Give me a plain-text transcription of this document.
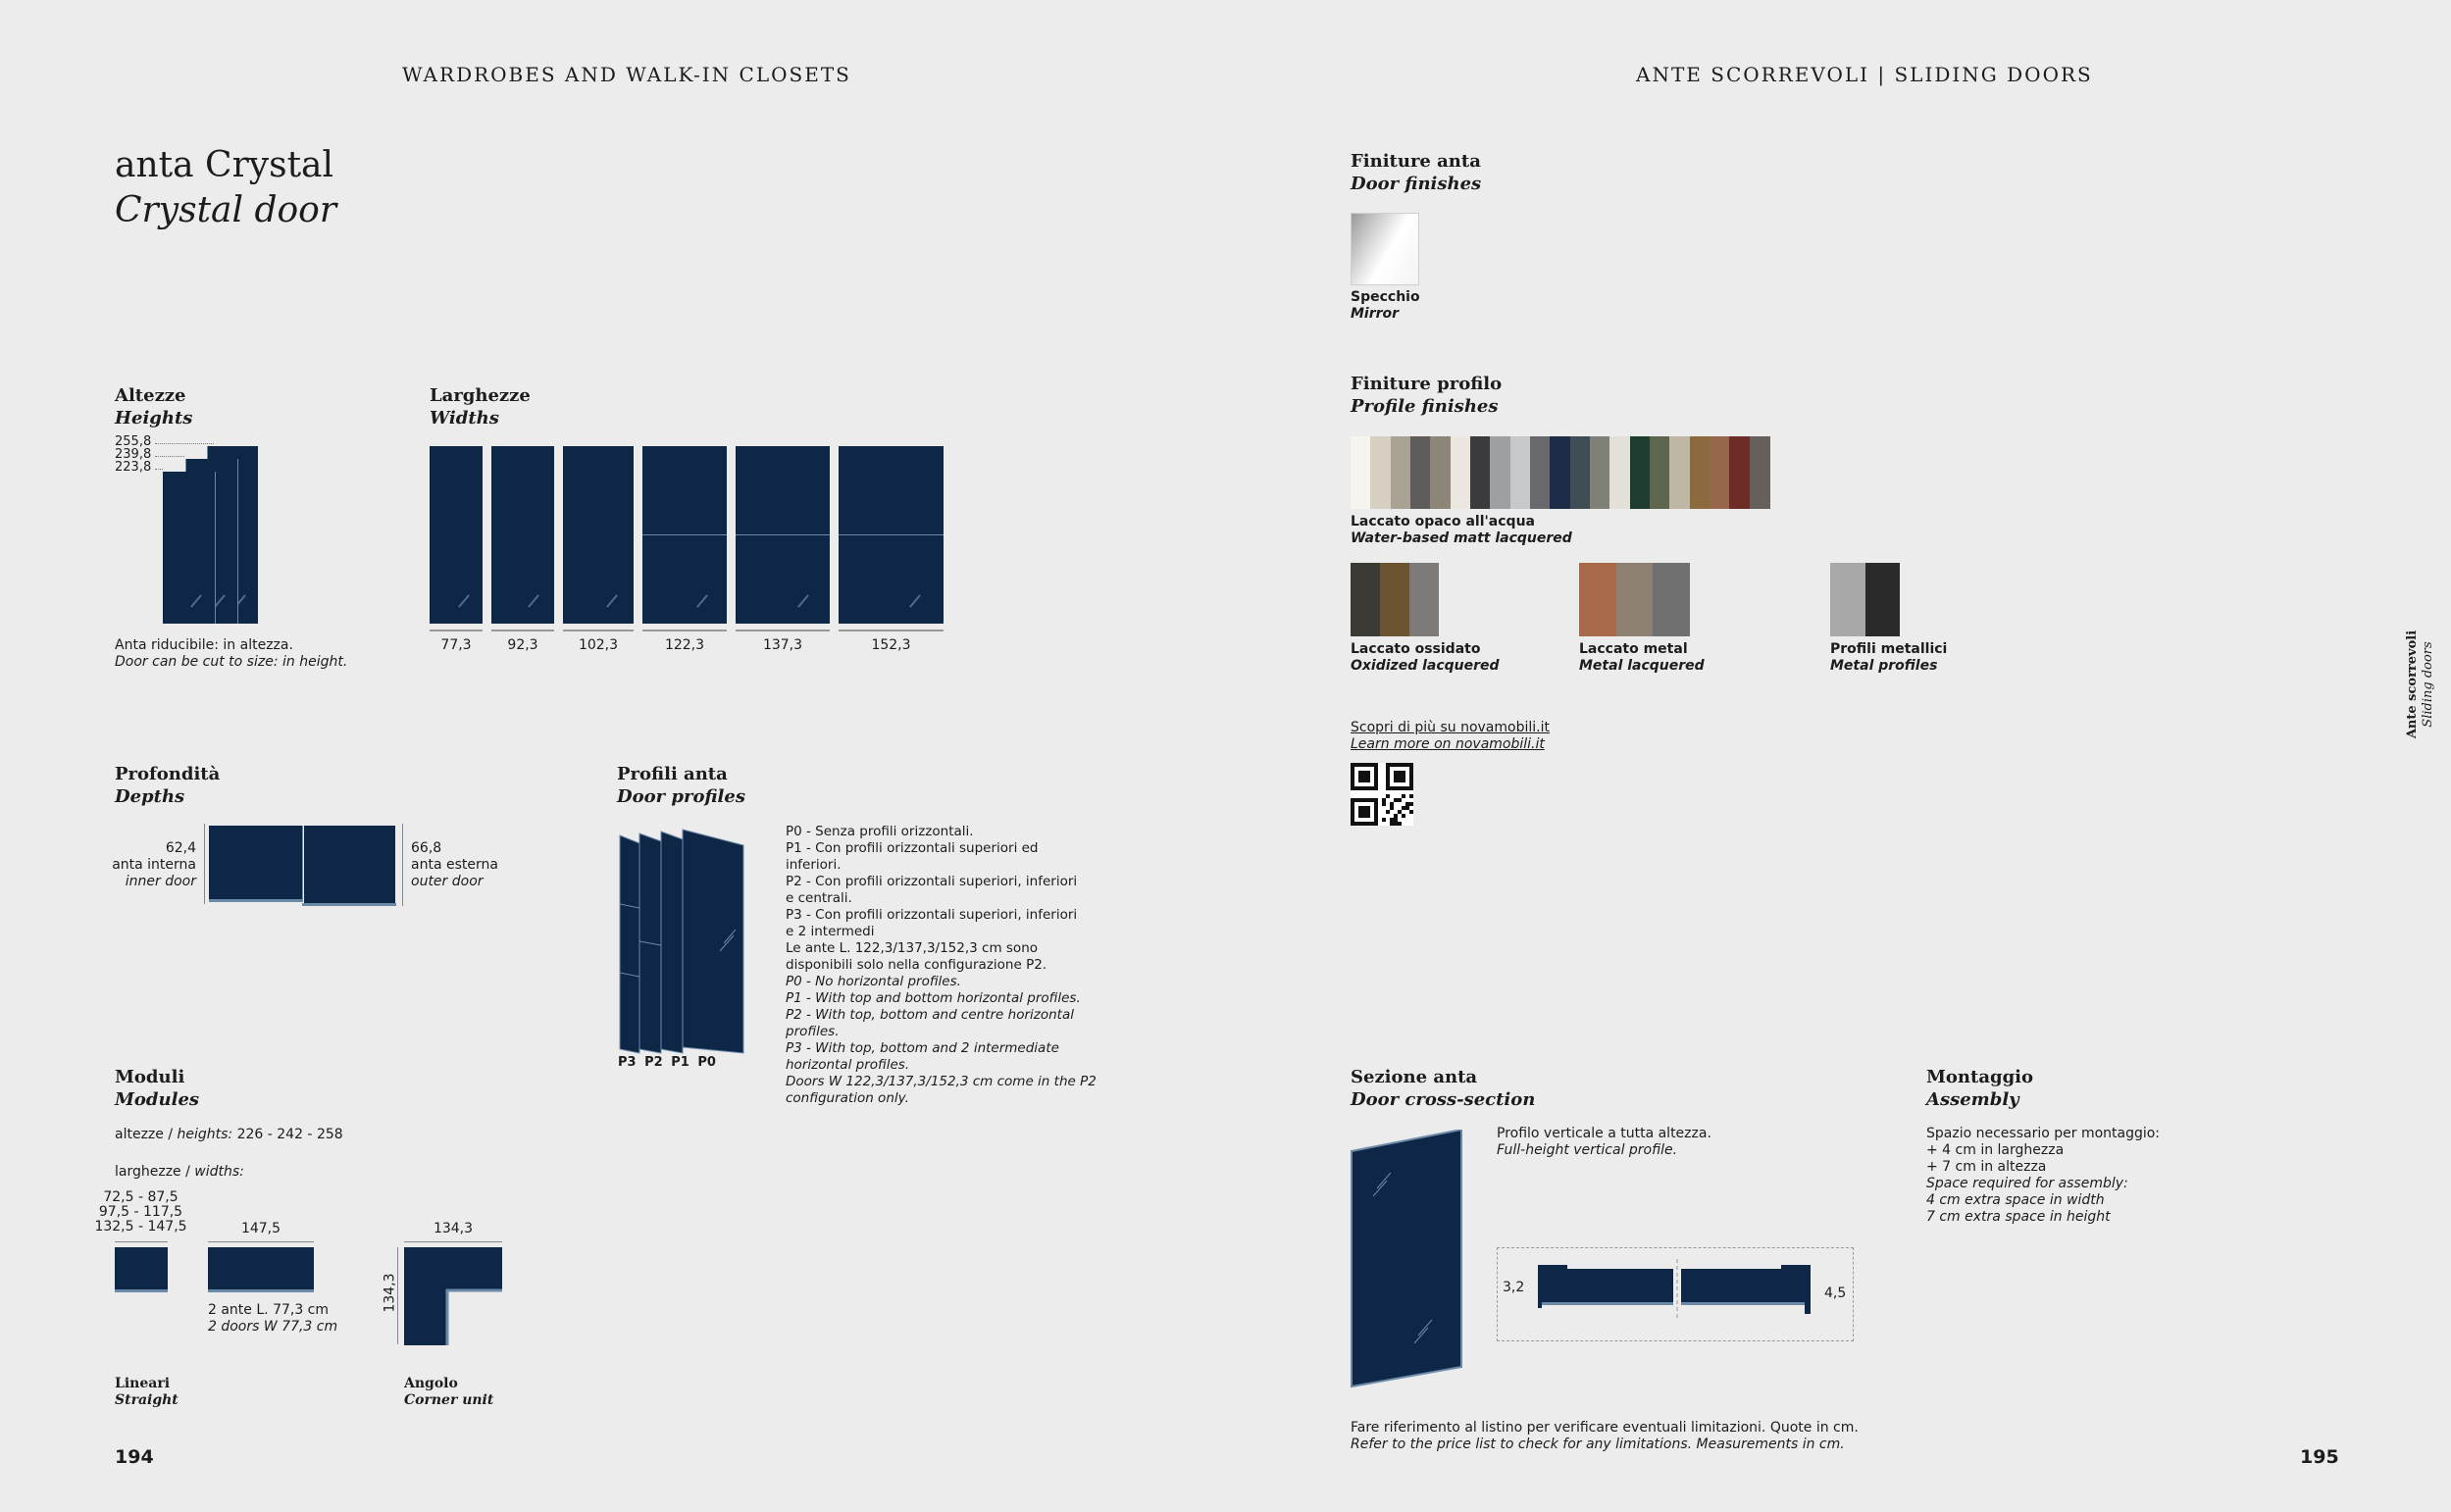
WARDROBES AND WALK-IN CLOSETS	ANTE SCORREVOLI | SLIDING DOORS
anta Crystal
Crystal door
Altezze
Heights
255,8
239,8
223,8
Anta riducibile: in altezza.
Door can be cut to size: in height.
Larghezze
Widths
77,3	92,3	102,3	122,3	137,3	152,3
Profondità
Depths
62,4
anta interna
inner door
66,8
anta esterna
outer door
Profili anta
Door profiles
P3 P2 P1 P0
P0 - Senza profili orizzontali.
P1 - Con profili orizzontali superiori ed
inferiori.
P2 - Con profili orizzontali superiori, inferiori
e centrali.
P3 - Con profili orizzontali superiori, inferiori
e 2 intermedi
Le ante L. 122,3/137,3/152,3 cm sono
disponibili solo nella configurazione P2.
P0 - No horizontal profiles.
P1 - With top and bottom horizontal profiles.
P2 - With top, bottom and centre horizontal
profiles.
P3 - With top, bottom and 2 intermediate
horizontal profiles.
Doors W 122,3/137,3/152,3 cm come in the P2
configuration only.
Moduli
Modules
altezze / heights: 226 - 242 - 258
larghezze / widths:
72,5 - 87,5
97,5 - 117,5
132,5 - 147,5	147,5
2 ante L. 77,3 cm
2 doors W 77,3 cm
134,3
134,3
Lineari
Straight
Angolo
Corner unit
194
Finiture anta
Door finishes
Specchio
Mirror
Finiture profilo
Profile finishes
Laccato opaco all'acqua
Water-based matt lacquered
Laccato ossidato
Oxidized lacquered
Laccato metal
Metal lacquered
Profili metallici
Metal profiles
Scopri di più su novamobili.it
Learn more on novamobili.it
Sezione anta
Door cross-section
Profilo verticale a tutta altezza.
Full-height vertical profile.
3,2	4,5
Montaggio
Assembly
Spazio necessario per montaggio:
+ 4 cm in larghezza
+ 7 cm in altezza
Space required for assembly:
4 cm extra space in width
7 cm extra space in height
Fare riferimento al listino per verificare eventuali limitazioni. Quote in cm.
Refer to the price list to check for any limitations. Measurements in cm.
Ante scorrevoli Sliding doors
195
